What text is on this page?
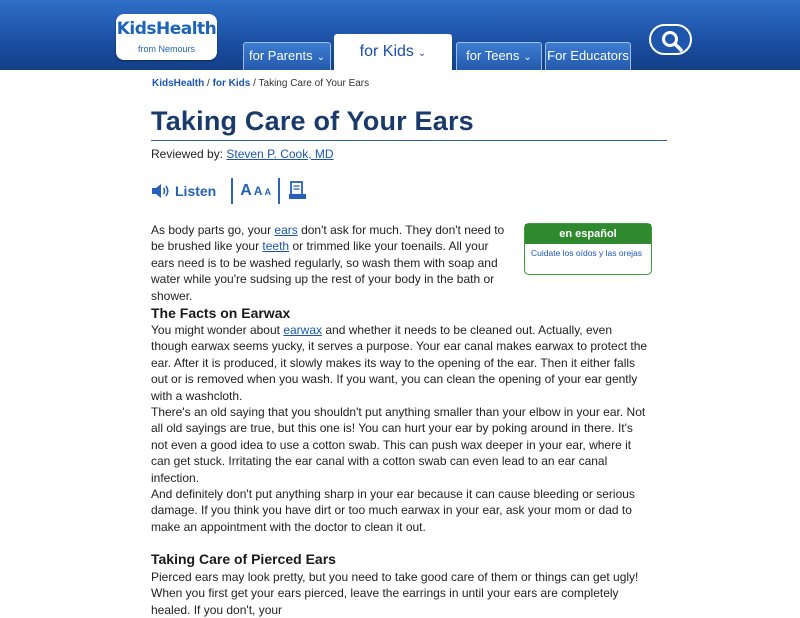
KidsHealth
from Nemours	for Parents ⌄	for Kids ⌄	for Teens ⌄	For Educators
KidsHealth / for Kids / Taking Care of Your Ears
Taking Care of Your Ears
Reviewed by: Steven P. Cook, MD
Listen A A A
en español
Cuidate los oídos y las orejas
As body parts go, your ears don't ask for much. They don't need to be brushed like your teeth or trimmed like your toenails. All your ears need is to be washed regularly, so wash them with soap and water while you're sudsing up the rest of your body in the bath or shower.
The Facts on Earwax
You might wonder about earwax and whether it needs to be cleaned out. Actually, even though earwax seems yucky, it serves a purpose. Your ear canal makes earwax to protect the ear. After it is produced, it slowly makes its way to the opening of the ear. Then it either falls out or is removed when you wash. If you want, you can clean the opening of your ear gently with a washcloth.
There's an old saying that you shouldn't put anything smaller than your elbow in your ear. Not all old sayings are true, but this one is! You can hurt your ear by poking around in there. It's not even a good idea to use a cotton swab. This can push wax deeper in your ear, where it can get stuck. Irritating the ear canal with a cotton swab can even lead to an ear canal infection.
And definitely don't put anything sharp in your ear because it can cause bleeding or serious damage. If you think you have dirt or too much earwax in your ear, ask your mom or dad to make an appointment with the doctor to clean it out.
Taking Care of Pierced Ears
Pierced ears may look pretty, but you need to take good care of them or things can get ugly! When you first get your ears pierced, leave the earrings in until your ears are completely healed. If you don't, your
